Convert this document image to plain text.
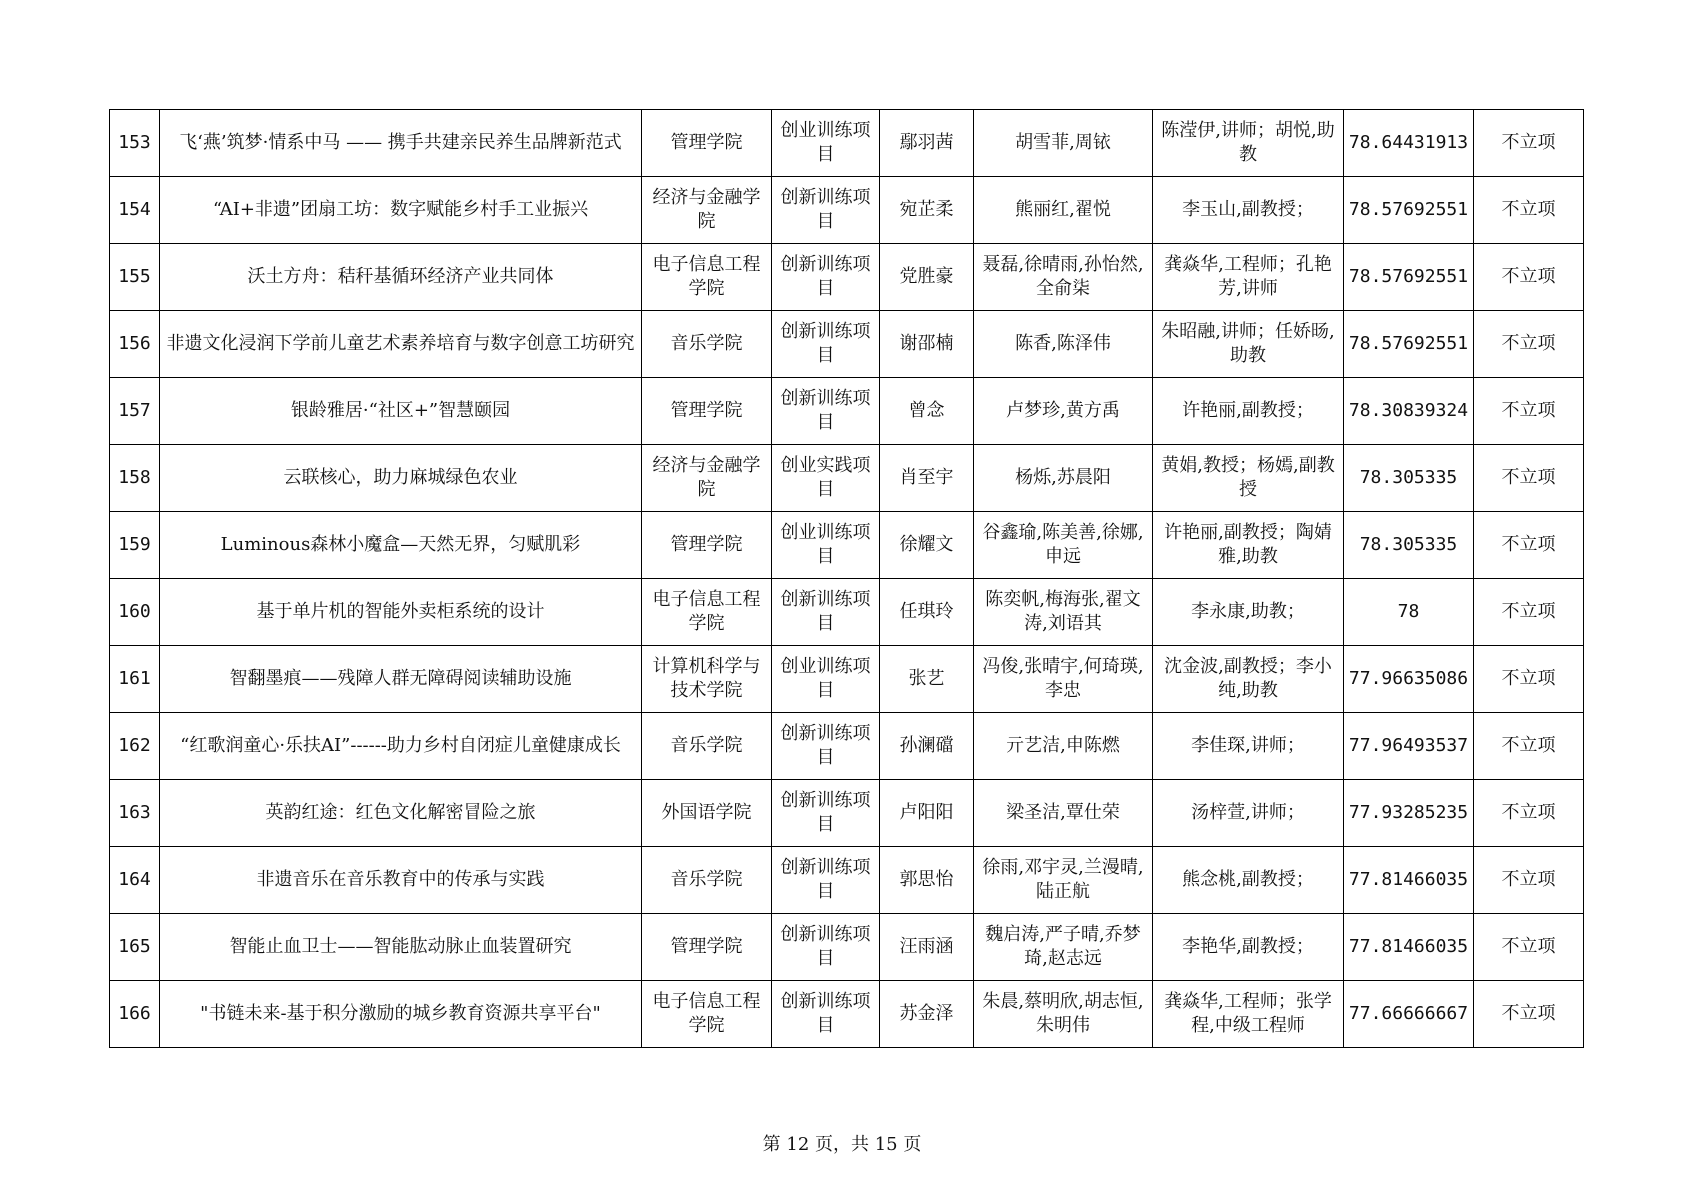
153	飞‘燕’筑梦·情系中马 —— 携手共建亲民养生品牌新范式	管理学院	创业训练项目	鄢羽茜	胡雪菲,周铱	陈滢伊,讲师；胡悦,助教	78.64431913	不立项
154	“AI+非遗”团扇工坊：数字赋能乡村手工业振兴	经济与金融学院	创新训练项目	宛芷柔	熊丽红,翟悦	李玉山,副教授；	78.57692551	不立项
155	沃土方舟：秸秆基循环经济产业共同体	电子信息工程学院	创新训练项目	党胜豪	聂磊,徐晴雨,孙怡然,全俞柒	龚焱华,工程师；孔艳芳,讲师	78.57692551	不立项
156	非遗文化浸润下学前儿童艺术素养培育与数字创意工坊研究	音乐学院	创新训练项目	谢邵楠	陈香,陈泽伟	朱昭融,讲师；任娇旸,助教	78.57692551	不立项
157	银龄雅居·“社区+”智慧颐园	管理学院	创新训练项目	曾念	卢梦珍,黄方禹	许艳丽,副教授；	78.30839324	不立项
158	云联核心，助力麻城绿色农业	经济与金融学院	创业实践项目	肖至宇	杨烁,苏晨阳	黄娟,教授；杨嫣,副教授	78.305335	不立项
159	Luminous森林小魔盒—天然无界，匀赋肌彩	管理学院	创业训练项目	徐耀文	谷鑫瑜,陈美善,徐娜,申远	许艳丽,副教授；陶婧雅,助教	78.305335	不立项
160	基于单片机的智能外卖柜系统的设计	电子信息工程学院	创新训练项目	任琪玲	陈奕帆,梅海张,翟文涛,刘语其	李永康,助教；	78	不立项
161	智翻墨痕——残障人群无障碍阅读辅助设施	计算机科学与技术学院	创业训练项目	张艺	冯俊,张晴宇,何琦瑛,李忠	沈金波,副教授；李小纯,助教	77.96635086	不立项
162	“红歌润童心·乐扶AI”------助力乡村自闭症儿童健康成长	音乐学院	创新训练项目	孙澜礑	亓艺洁,申陈燃	李佳琛,讲师；	77.96493537	不立项
163	英韵红途：红色文化解密冒险之旅	外国语学院	创新训练项目	卢阳阳	梁圣洁,覃仕荣	汤梓萱,讲师；	77.93285235	不立项
164	非遗音乐在音乐教育中的传承与实践	音乐学院	创新训练项目	郭思怡	徐雨,邓宇灵,兰漫晴,陆正航	熊念桃,副教授；	77.81466035	不立项
165	智能止血卫士——智能肱动脉止血装置研究	管理学院	创新训练项目	汪雨涵	魏启涛,严子晴,乔梦琦,赵志远	李艳华,副教授；	77.81466035	不立项
166	"书链未来-基于积分激励的城乡教育资源共享平台"	电子信息工程学院	创新训练项目	苏金泽	朱晨,蔡明欣,胡志恒,朱明伟	龚焱华,工程师；张学程,中级工程师	77.66666667	不立项
第 12 页，共 15 页
